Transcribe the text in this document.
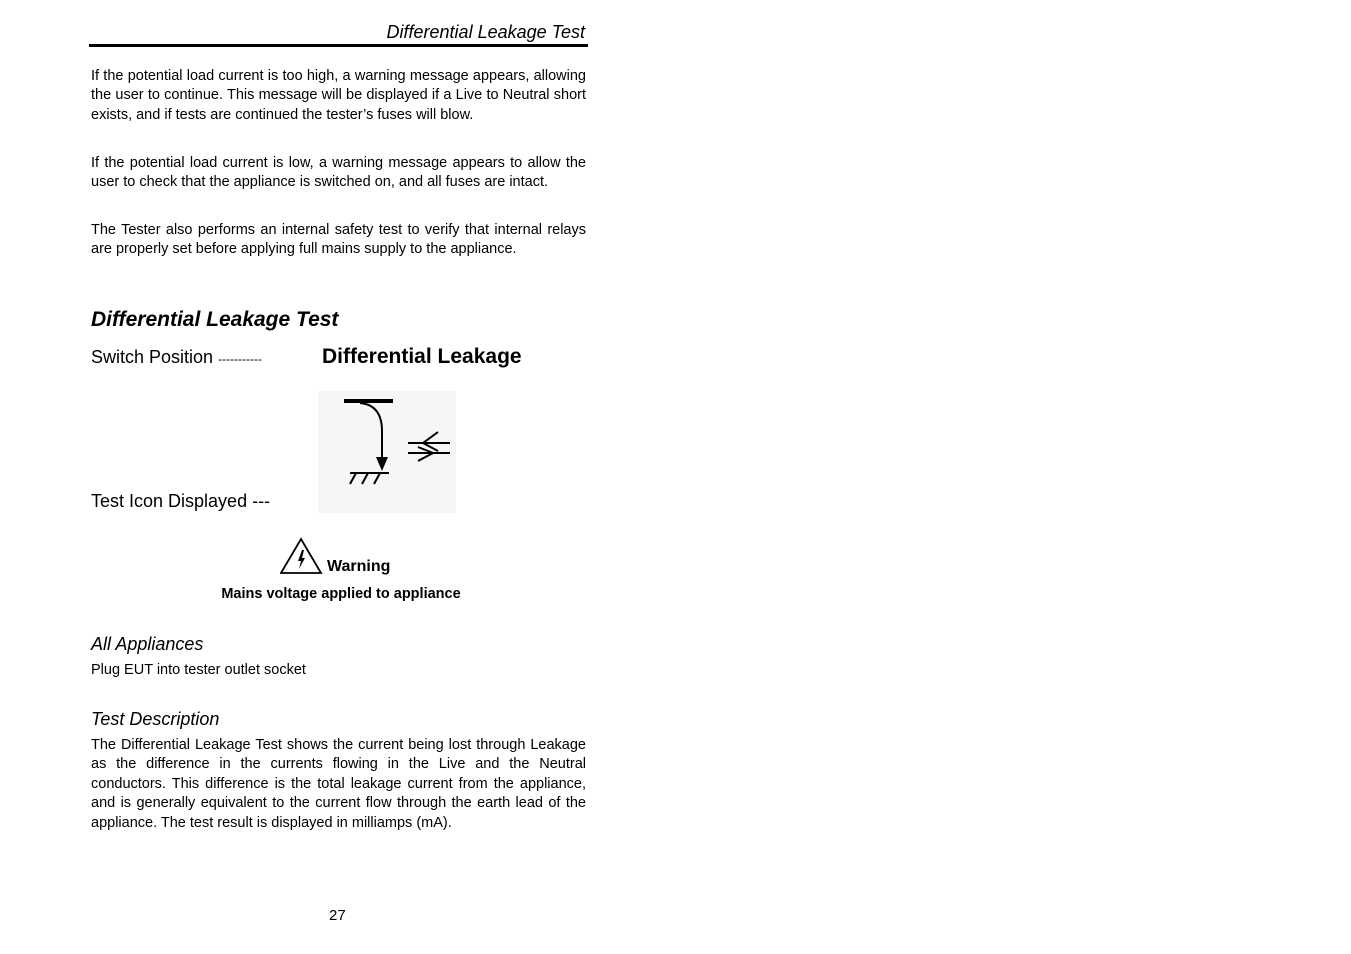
Differential Leakage Test

If the potential load current is too high, a warning message appears, allowing the user to continue. This message will be displayed if a Live to Neutral short exists, and if tests are continued the tester’s fuses will blow.

If the potential load current is low, a warning message appears to allow the user to check that the appliance is switched on, and all fuses are intact.

The Tester also performs an internal safety test to verify that internal relays are properly set before applying full mains supply to the appliance.

Differential Leakage Test
Switch Position -----------	Differential Leakage
Test Icon Displayed ---
Warning
Mains voltage applied to appliance
All Appliances

Plug EUT into tester outlet socket

Test Description

The Differential Leakage Test shows the current being lost through Leakage as the difference in the currents flowing in the Live and the Neutral conductors. This difference is the total leakage current from the appliance, and is generally equivalent to the current flow through the earth lead of the appliance. The test result is displayed in milliamps (mA).

27
